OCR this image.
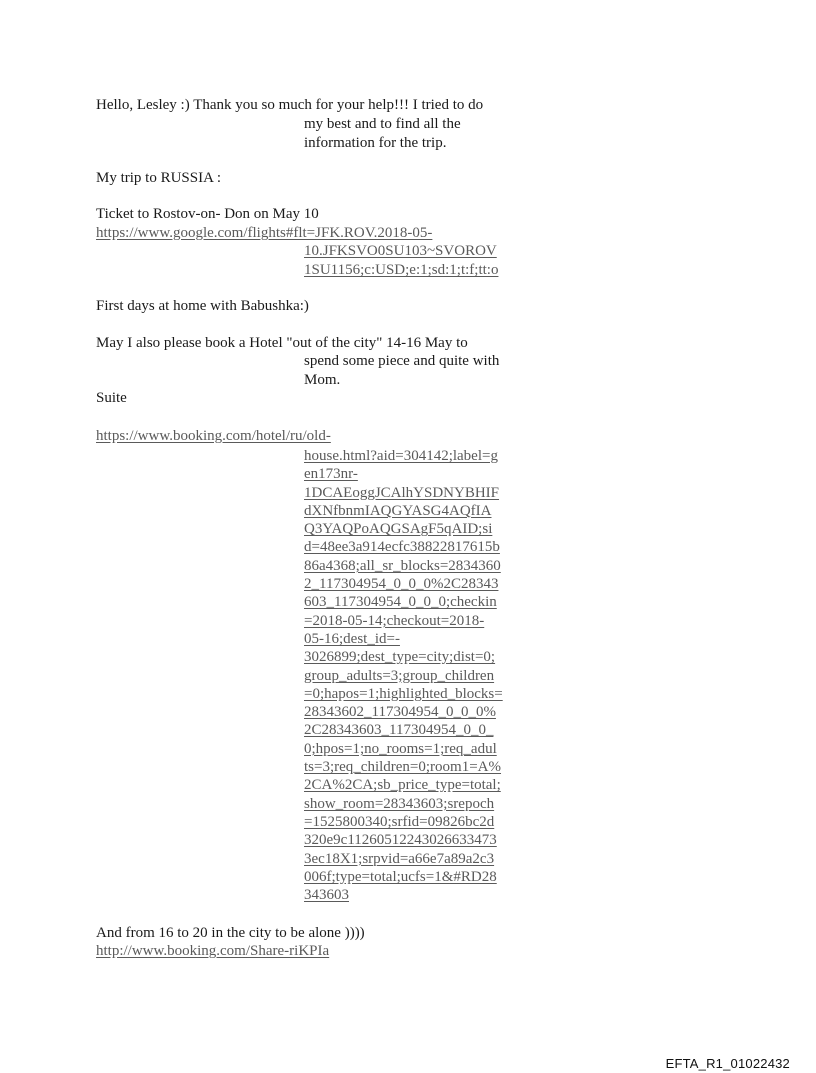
Hello, Lesley :) Thank you so much for your help!!! I tried to do
my best and to find all the
information for the trip.
My trip to RUSSIA :
Ticket to Rostov-on- Don on May 10
https://www.google.com/flights#flt=JFK.ROV.2018-05-
10.JFKSVO0SU103~SVOROV
1SU1156;c:USD;e:1;sd:1;t:f;tt:o
First days at home with Babushka:)
May I also please book a Hotel "out of the city" 14-16 May to
spend some piece and quite with
Mom.
Suite
https://www.booking.com/hotel/ru/old-
house.html?aid=304142;label=g
en173nr-
1DCAEoggJCAlhYSDNYBHIF
dXNfbnmIAQGYASG4AQfIA
Q3YAQPoAQGSAgF5qAID;si
d=48ee3a914ecfc38822817615b
86a4368;all_sr_blocks=2834360
2_117304954_0_0_0%2C28343
603_117304954_0_0_0;checkin
=2018-05-14;checkout=2018-
05-16;dest_id=-
3026899;dest_type=city;dist=0;
group_adults=3;group_children
=0;hapos=1;highlighted_blocks=
28343602_117304954_0_0_0%
2C28343603_117304954_0_0_
0;hpos=1;no_rooms=1;req_adul
ts=3;req_children=0;room1=A%
2CA%2CA;sb_price_type=total;
show_room=28343603;srepoch
=1525800340;srfid=09826bc2d
320e9c11260512243026633473
3ec18X1;srpvid=a66e7a89a2c3
006f;type=total;ucfs=1&#RD28
343603
And from 16 to 20 in the city to be alone ))))
http://www.booking.com/Share-riKPIa
EFTA_R1_01022432
